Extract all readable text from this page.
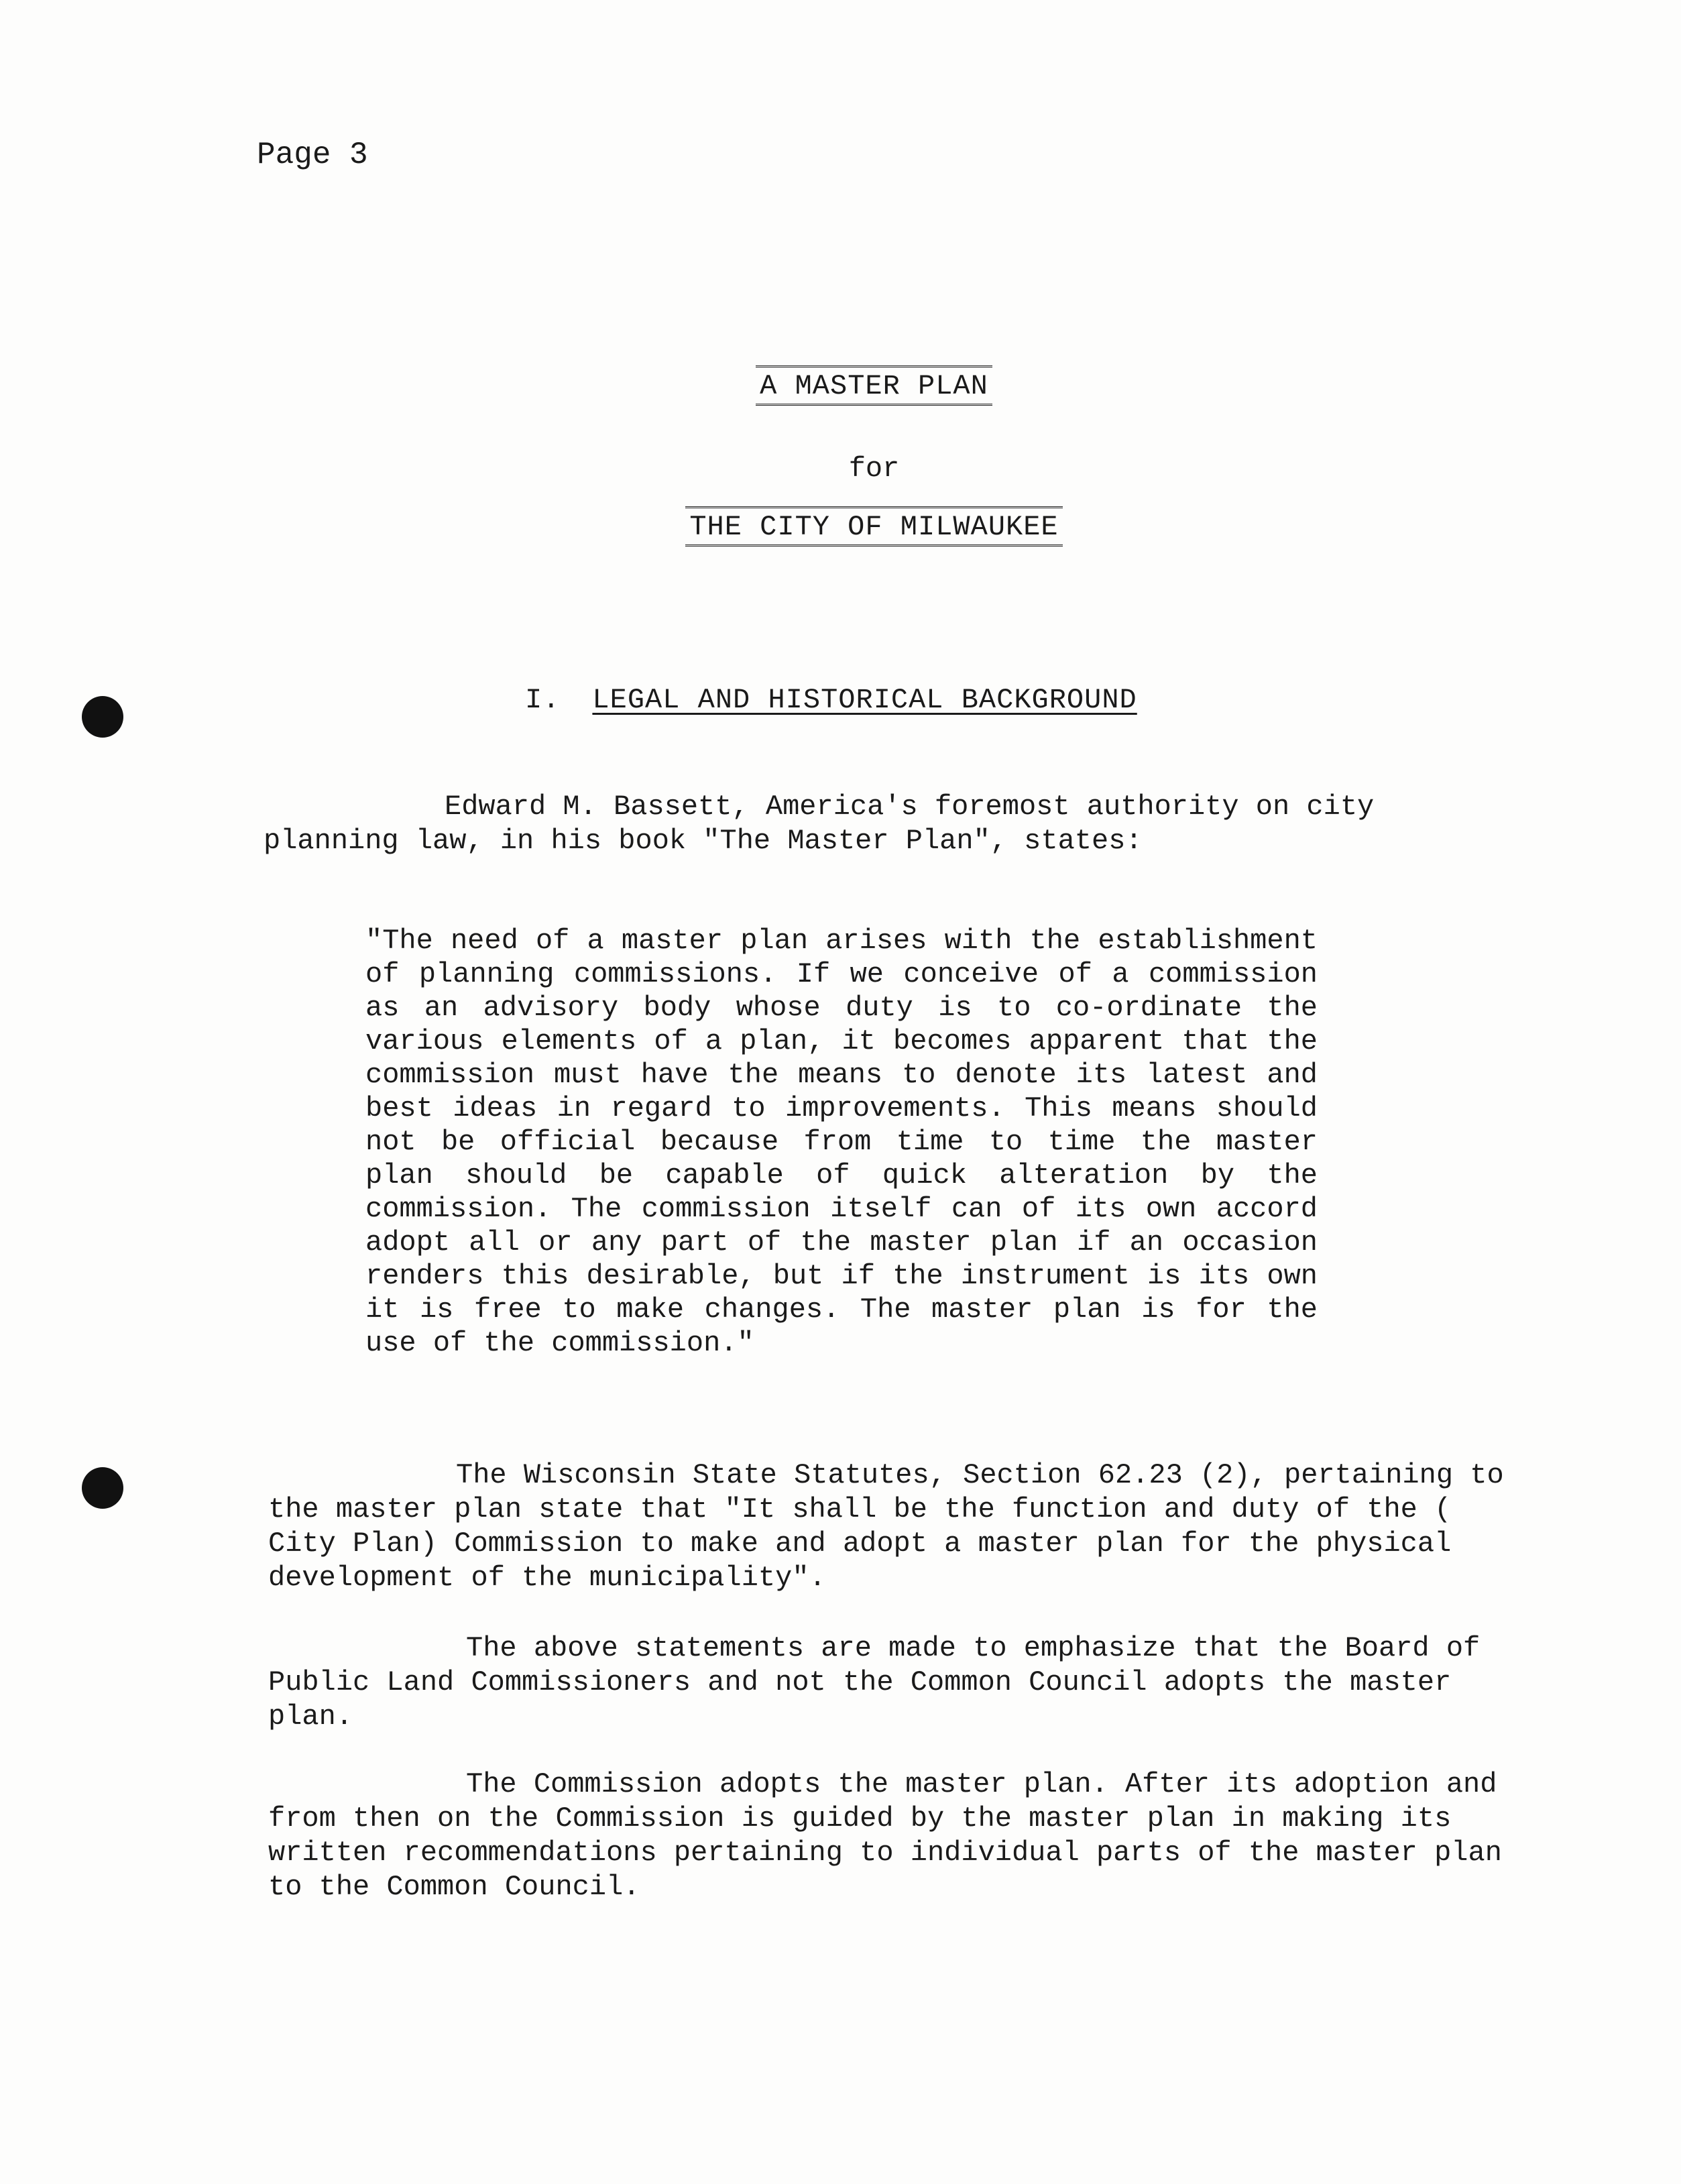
Page 3
A MASTER PLAN
for
THE CITY OF MILWAUKEE
I. LEGAL AND HISTORICAL BACKGROUND

Edward M. Bassett, America's foremost authority on city planning law, in his book "The Master Plan", states:

"The need of a master plan arises with the establishment of planning commissions. If we conceive of a commission as an advisory body whose duty is to co-ordinate the various elements of a plan, it becomes apparent that the commission must have the means to denote its latest and best ideas in regard to improvements. This means should not be official because from time to time the master plan should be capable of quick alteration by the commission. The commission itself can of its own accord adopt all or any part of the master plan if an occasion renders this desirable, but if the instrument is its own it is free to make changes. The master plan is for the use of the commission."

The Wisconsin State Statutes, Section 62.23 (2), pertaining to the master plan state that "It shall be the function and duty of the ( City Plan) Commission to make and adopt a master plan for the physical development of the municipality".

The above statements are made to emphasize that the Board of Public Land Commissioners and not the Common Council adopts the master plan.

The Commission adopts the master plan. After its adoption and from then on the Commission is guided by the master plan in making its written recommendations pertaining to individual parts of the master plan to the Common Council.
